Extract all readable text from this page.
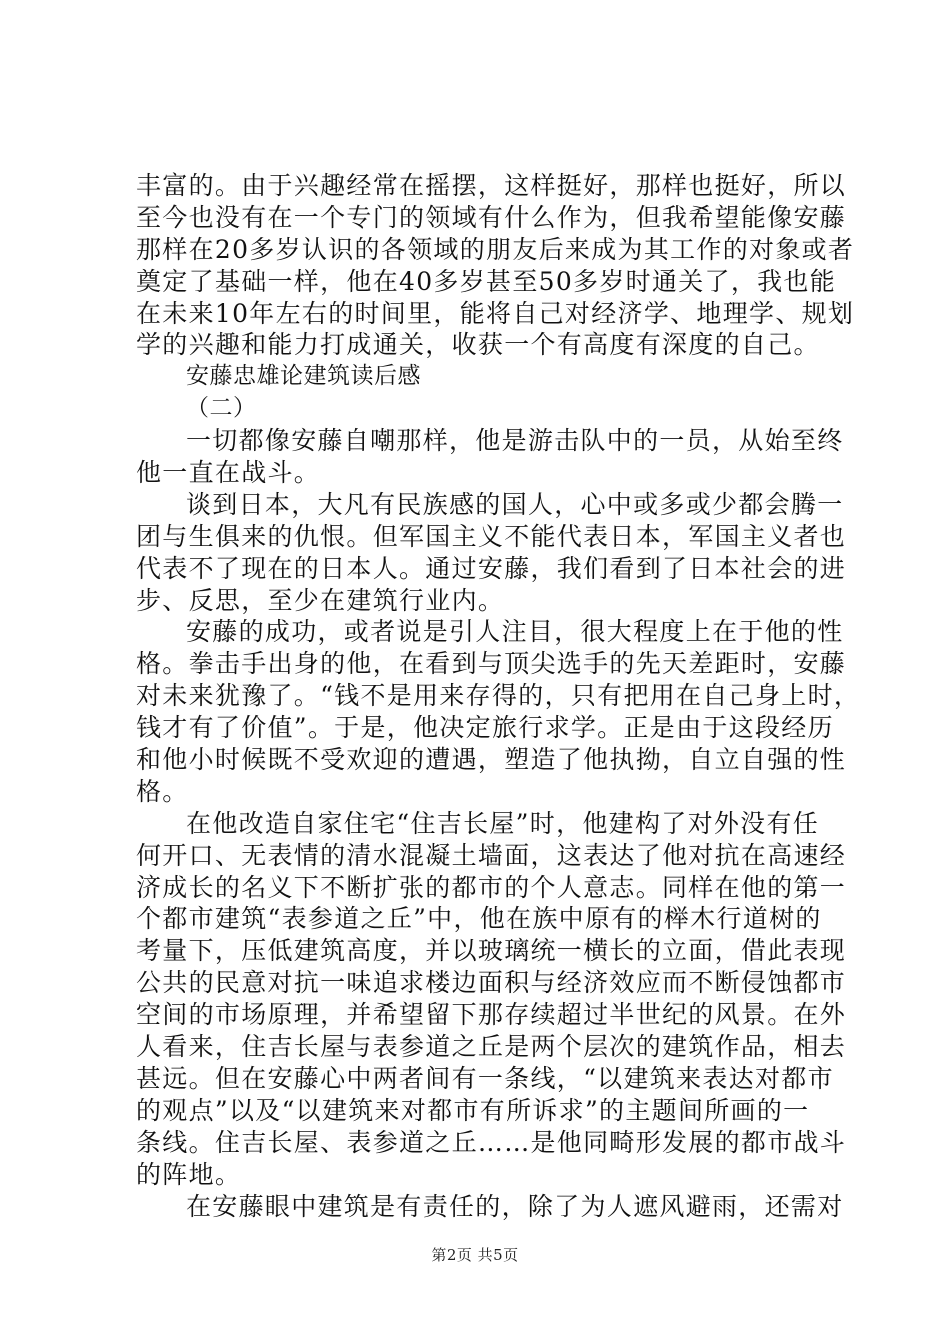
丰富的。由于兴趣经常在摇摆，这样挺好，那样也挺好，所以
至今也没有在一个专门的领域有什么作为，但我希望能像安藤
那样在20多岁认识的各领域的朋友后来成为其工作的对象或者
奠定了基础一样，他在40多岁甚至50多岁时通关了，我也能
在未来10年左右的时间里，能将自己对经济学、地理学、规划
学的兴趣和能力打成通关，收获一个有高度有深度的自己。
安藤忠雄论建筑读后感
（二）
一切都像安藤自嘲那样，他是游击队中的一员，从始至终
他一直在战斗。
谈到日本，大凡有民族感的国人，心中或多或少都会腾一
团与生俱来的仇恨。但军国主义不能代表日本，军国主义者也
代表不了现在的日本人。通过安藤，我们看到了日本社会的进
步、反思，至少在建筑行业内。
安藤的成功，或者说是引人注目，很大程度上在于他的性
格。拳击手出身的他，在看到与顶尖选手的先天差距时，安藤
对未来犹豫了。“钱不是用来存得的，只有把用在自己身上时，
钱才有了价值”。于是，他决定旅行求学。正是由于这段经历
和他小时候既不受欢迎的遭遇，塑造了他执拗，自立自强的性
格。
在他改造自家住宅“住吉长屋”时，他建构了对外没有任
何开口、无表情的清水混凝土墙面，这表达了他对抗在高速经
济成长的名义下不断扩张的都市的个人意志。同样在他的第一
个都市建筑“表参道之丘”中，他在族中原有的榉木行道树的
考量下，压低建筑高度，并以玻璃统一横长的立面，借此表现
公共的民意对抗一味追求楼边面积与经济效应而不断侵蚀都市
空间的市场原理，并希望留下那存续超过半世纪的风景。在外
人看来，住吉长屋与表参道之丘是两个层次的建筑作品，相去
甚远。但在安藤心中两者间有一条线，“以建筑来表达对都市
的观点”以及“以建筑来对都市有所诉求”的主题间所画的一
条线。住吉长屋、表参道之丘……是他同畸形发展的都市战斗
的阵地。
在安藤眼中建筑是有责任的，除了为人遮风避雨，还需对
第2页 共5页
